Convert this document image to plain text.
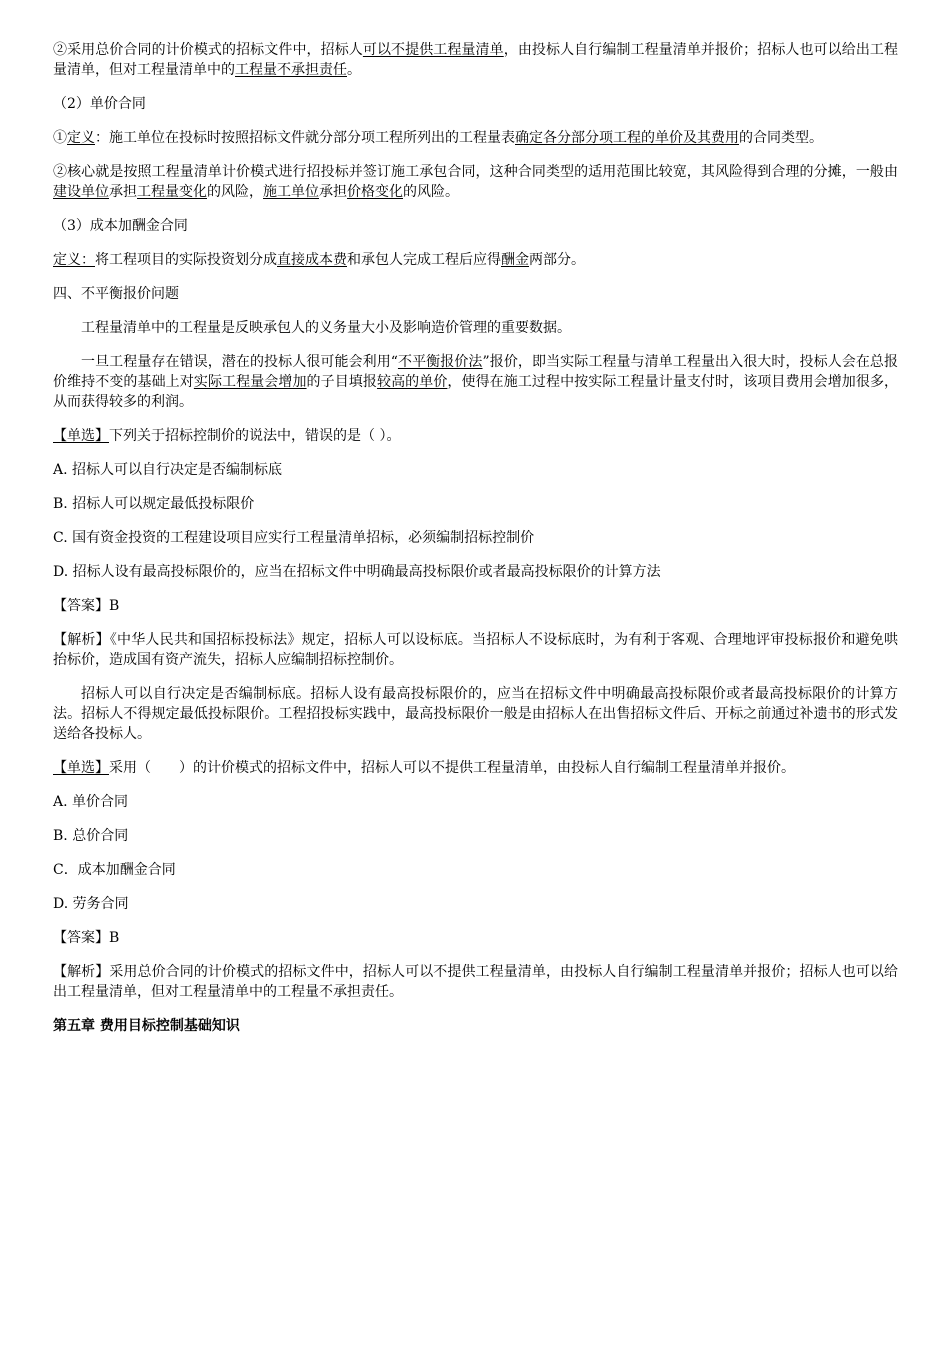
②采用总价合同的计价模式的招标文件中，招标人可以不提供工程量清单，由投标人自行编制工程量清单并报价；招标人也可以给出工程量清单，但对工程量清单中的工程量不承担责任。

（2）单价合同

①定义：施工单位在投标时按照招标文件就分部分项工程所列出的工程量表确定各分部分项工程的单价及其费用的合同类型。

②核心就是按照工程量清单计价模式进行招投标并签订施工承包合同，这种合同类型的适用范围比较宽，其风险得到合理的分摊，一般由建设单位承担工程量变化的风险，施工单位承担价格变化的风险。

（3）成本加酬金合同

定义：将工程项目的实际投资划分成直接成本费和承包人完成工程后应得酬金两部分。

四、不平衡报价问题

工程量清单中的工程量是反映承包人的义务量大小及影响造价管理的重要数据。

一旦工程量存在错误，潜在的投标人很可能会利用“不平衡报价法”报价，即当实际工程量与清单工程量出入很大时，投标人会在总报价维持不变的基础上对实际工程量会增加的子目填报较高的单价，使得在施工过程中按实际工程量计量支付时，该项目费用会增加很多，从而获得较多的利润。

【单选】下列关于招标控制价的说法中，错误的是（ ）。

A. 招标人可以自行决定是否编制标底

B. 招标人可以规定最低投标限价

C. 国有资金投资的工程建设项目应实行工程量清单招标，必须编制招标控制价

D. 招标人设有最高投标限价的，应当在招标文件中明确最高投标限价或者最高投标限价的计算方法

【答案】B

【解析】《中华人民共和国招标投标法》规定，招标人可以设标底。当招标人不设标底时，为有利于客观、合理地评审投标报价和避免哄抬标价，造成国有资产流失，招标人应编制招标控制价。

招标人可以自行决定是否编制标底。招标人设有最高投标限价的，应当在招标文件中明确最高投标限价或者最高投标限价的计算方法。招标人不得规定最低投标限价。工程招投标实践中，最高投标限价一般是由招标人在出售招标文件后、开标之前通过补遗书的形式发送给各投标人。

【单选】采用（　　）的计价模式的招标文件中，招标人可以不提供工程量清单，由投标人自行编制工程量清单并报价。

A. 单价合同

B. 总价合同

C．成本加酬金合同

D. 劳务合同

【答案】B

【解析】采用总价合同的计价模式的招标文件中，招标人可以不提供工程量清单，由投标人自行编制工程量清单并报价；招标人也可以给出工程量清单，但对工程量清单中的工程量不承担责任。

第五章 费用目标控制基础知识
